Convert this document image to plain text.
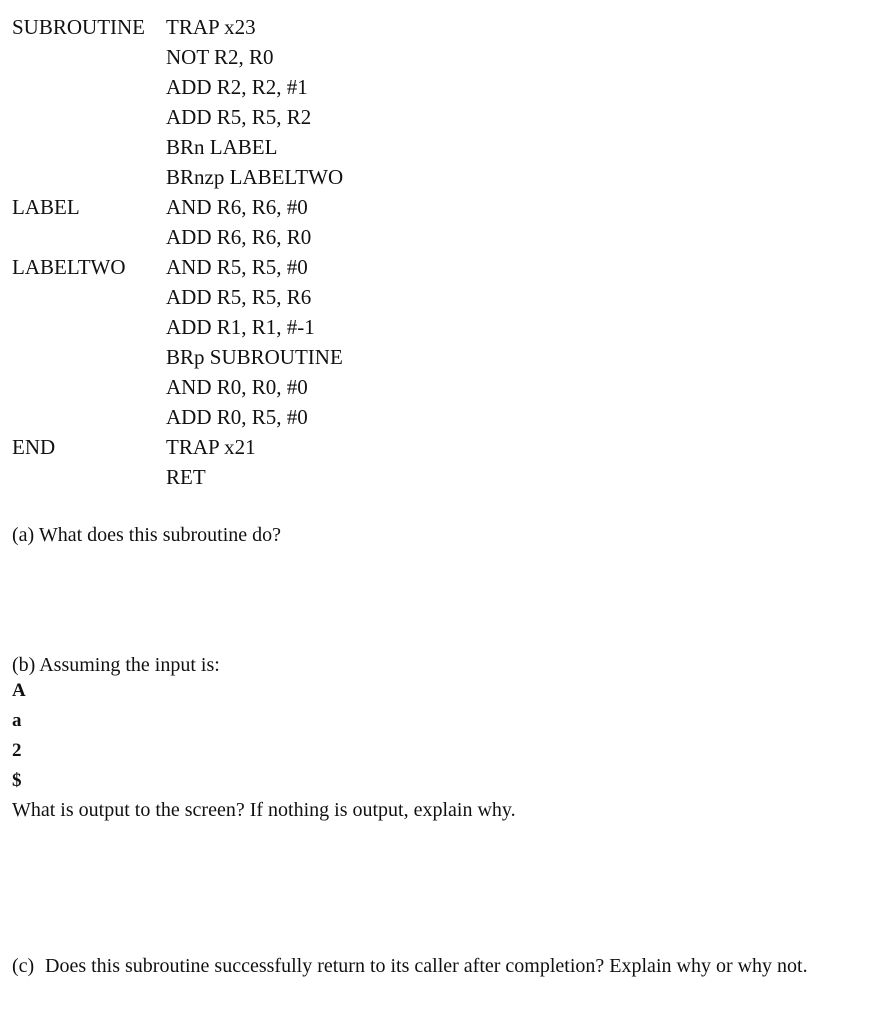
SUBROUTINE TRAP x23
NOT R2, R0
ADD R2, R2, #1
ADD R5, R5, R2
BRn LABEL
BRnzp LABELTWO
LABEL	AND R6, R6, #0
ADD R6, R6, R0
LABELTWO AND R5, R5, #0
ADD R5, R5, R6
ADD R1, R1, #-1
BRp SUBROUTINE
AND R0, R0, #0
ADD R0, R5, #0
END	TRAP x21
RET
(a) What does this subroutine do?
(b) Assuming the input is:
A
a
2
$
What is output to the screen? If nothing is output, explain why.
(c) Does this subroutine successfully return to its caller after completion? Explain why or why not.
